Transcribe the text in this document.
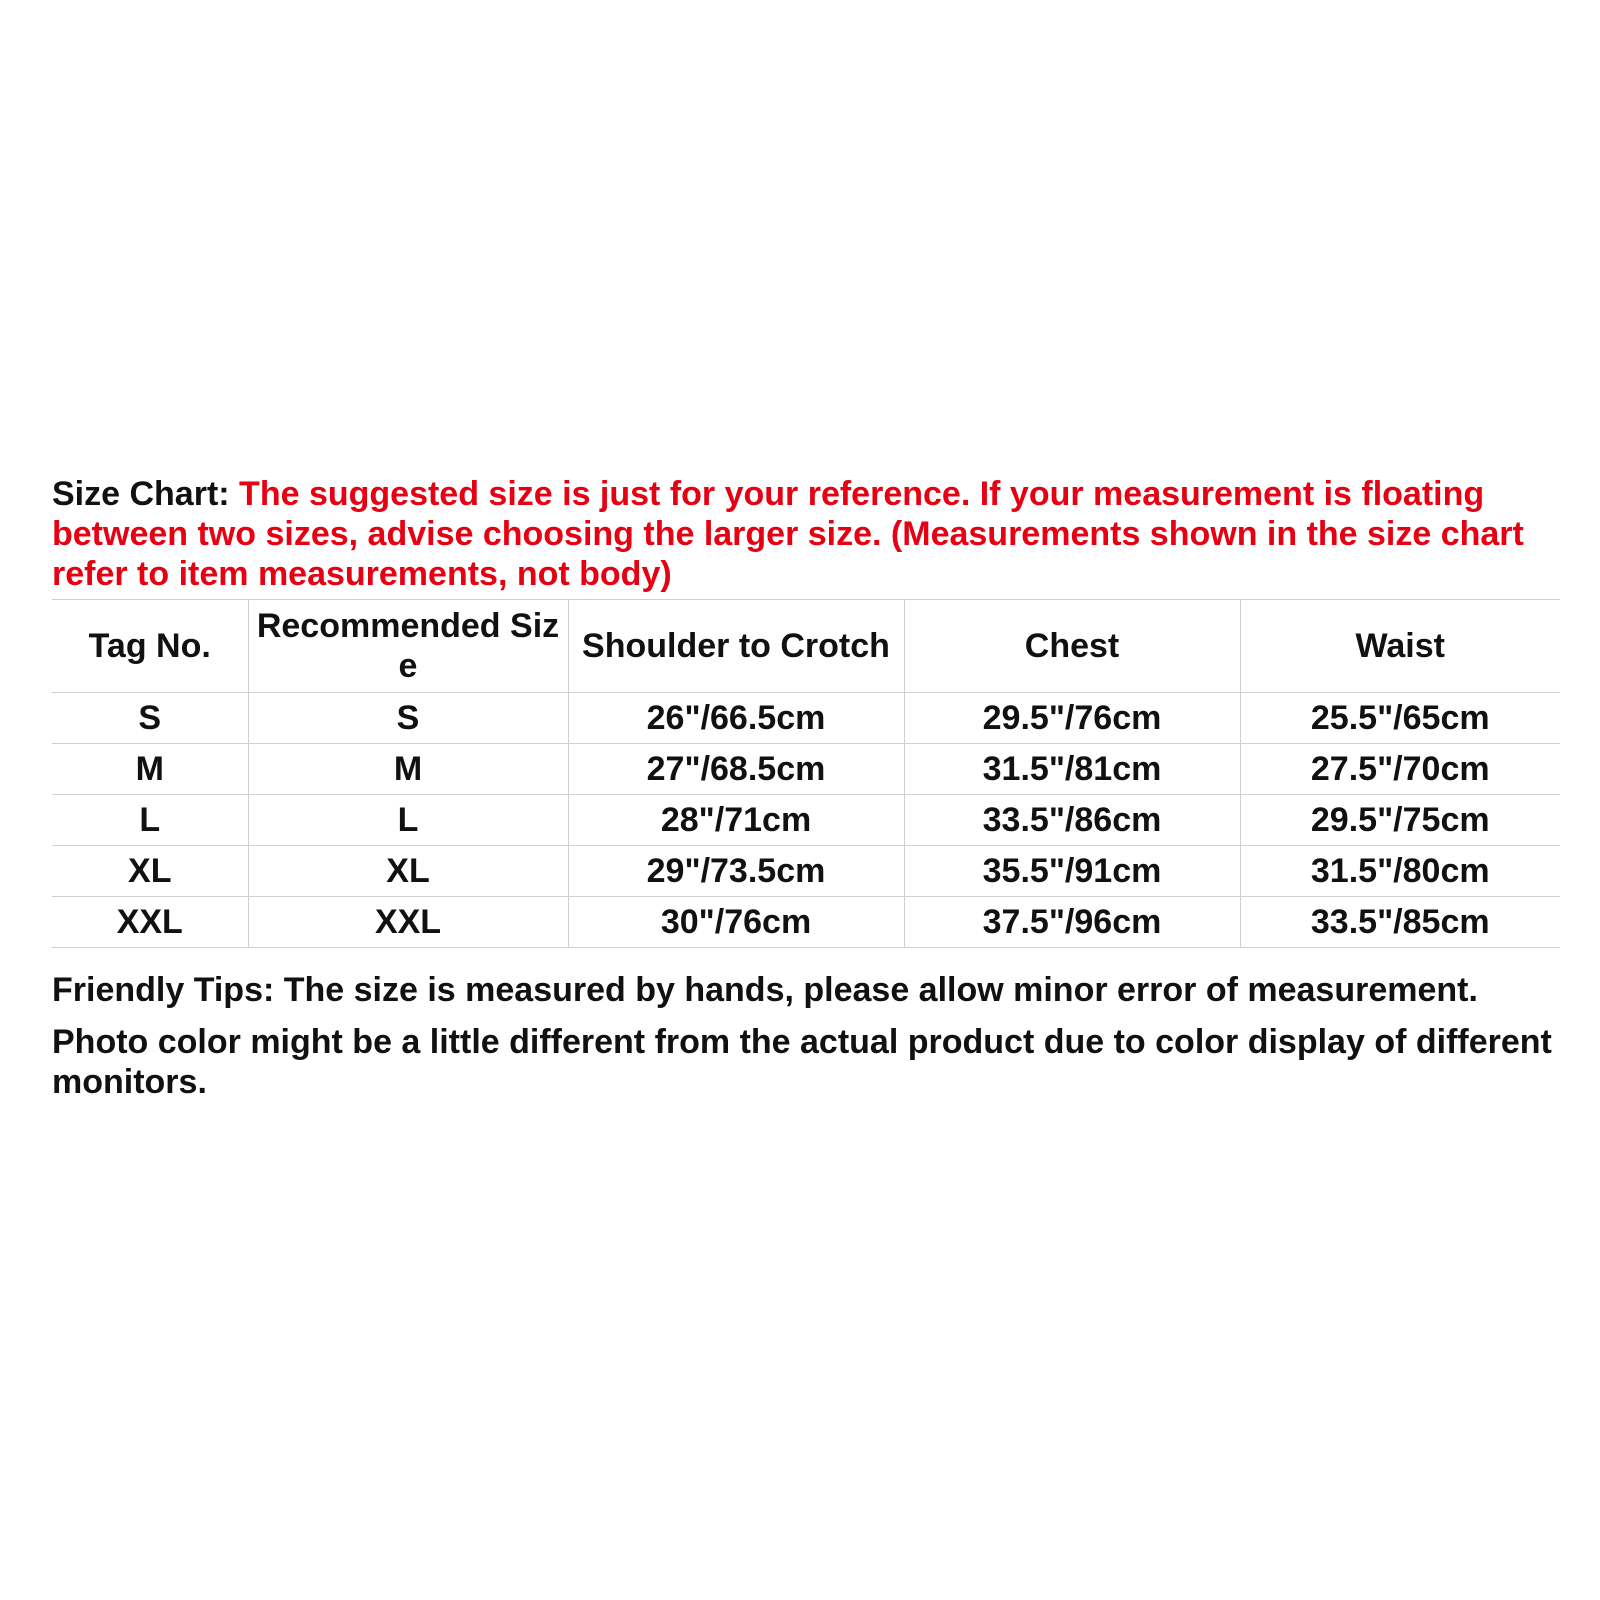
Size Chart: The suggested size is just for your reference. If your measurement is floating between two sizes, advise choosing the larger size. (Measurements shown in the size chart refer to item measurements, not body)

Tag No.	Recommended Size	Shoulder to Crotch	Chest	Waist
S	S	26"/66.5cm	29.5"/76cm	25.5"/65cm
M	M	27"/68.5cm	31.5"/81cm	27.5"/70cm
L	L	28"/71cm	33.5"/86cm	29.5"/75cm
XL	XL	29"/73.5cm	35.5"/91cm	31.5"/80cm
XXL	XXL	30"/76cm	37.5"/96cm	33.5"/85cm

Friendly Tips: The size is measured by hands, please allow minor error of measurement.

Photo color might be a little different from the actual product due to color display of different monitors.
